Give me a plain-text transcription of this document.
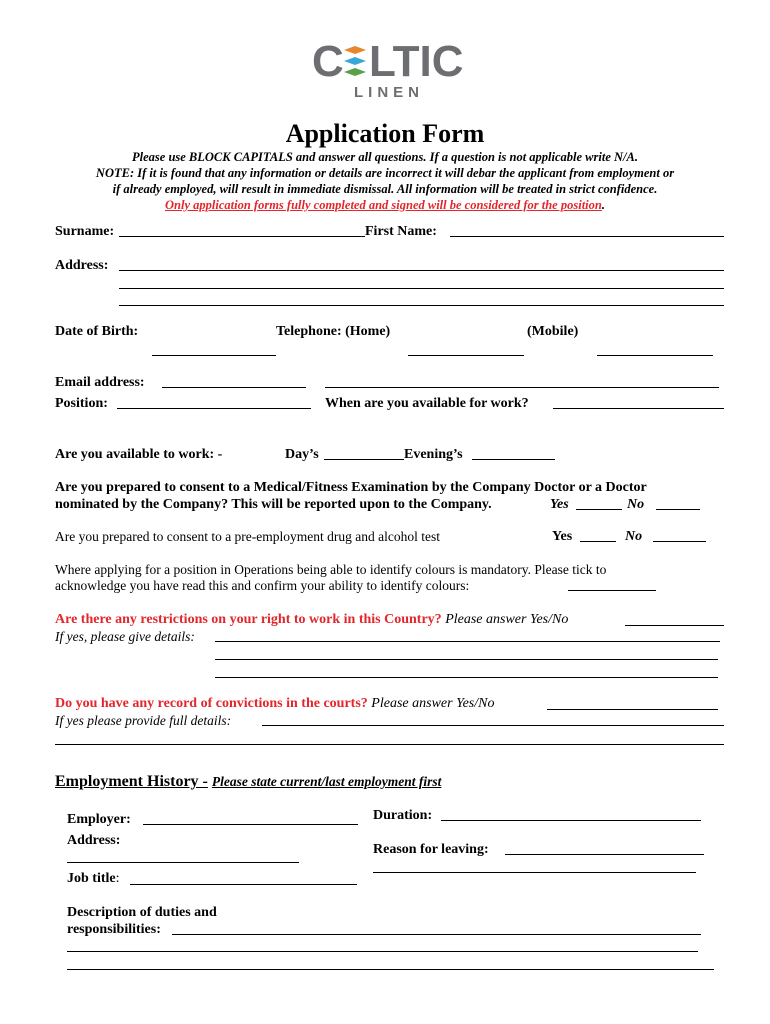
C LTIC
LINEN
Application Form
Please use BLOCK CAPITALS and answer all questions. If a question is not applicable write N/A.
NOTE: If it is found that any information or details are incorrect it will debar the applicant from employment or
if already employed, will result in immediate dismissal. All information will be treated in strict confidence.
Only application forms fully completed and signed will be considered for the position.
Surname:	First Name:
Address:
Date of Birth:	Telephone: (Home)	(Mobile)
Email address:
Position:	When are you available for work?
Are you available to work: -	Day’s	Evening’s
Are you prepared to consent to a Medical/Fitness Examination by the Company Doctor or a Doctor
nominated by the Company? This will be reported upon to the Company.	Yes	No
Are you prepared to consent to a pre-employment drug and alcohol test	Yes	No
Where applying for a position in Operations being able to identify colours is mandatory. Please tick to
acknowledge you have read this and confirm your ability to identify colours:
Are there any restrictions on your right to work in this Country? Please answer Yes/No
If yes, please give details:
Do you have any record of convictions in the courts? Please answer Yes/No
If yes please provide full details:
Employment History - Please state current/last employment first
Employer:	Duration:
Address:
Reason for leaving:
Job title:
Description of duties and
responsibilities:
